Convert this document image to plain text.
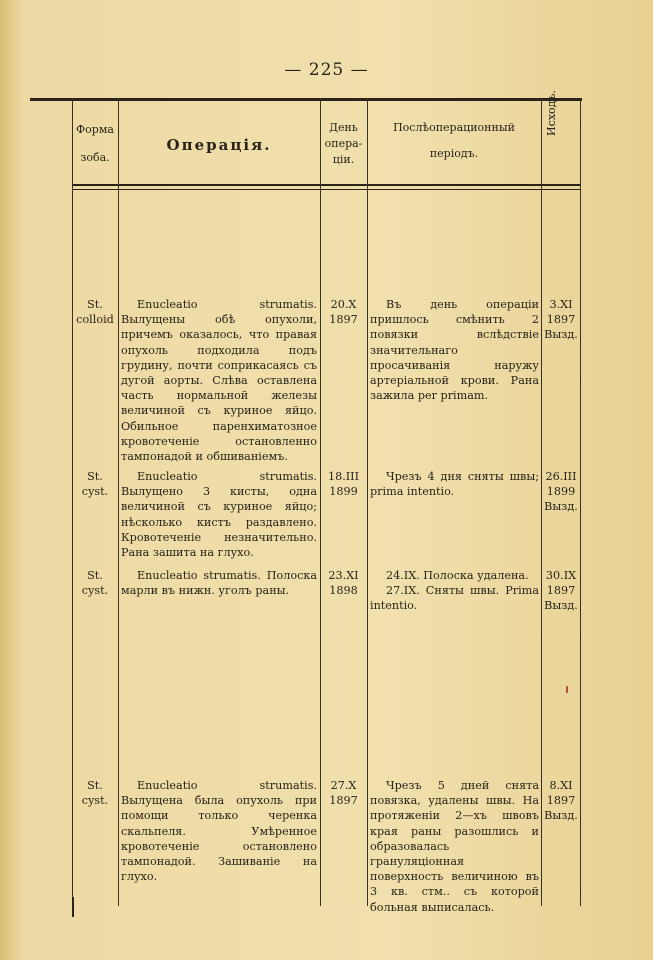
— 225 —
Форма
зоба.
Операція.
День
опера-
ціи.
Послѣоперационный
періодъ.
Исходъ.
St.
colloid
Enucleatio strumatis. Вылущены обѣ опухоли, причемъ оказалось, что правая опухоль подходила подъ грудину, почти соприкасаясь съ дугой аорты. Слѣва оставлена часть нормальной железы величиной съ куриное яйцо. Обильное паренхиматозное кровотеченіе остановленно тампонадой и обшиваніемъ.
20.X
1897
Въ день операціи пришлось смѣнить 2 повязки вслѣдствіе значительнаго просачиванія наружу артеріальной крови. Рана зажила per primam.
3.XI
1897
Вызд.
St.
cyst.
Enucleatio strumatis. Вылущено 3 кисты, одна величиной съ куриное яйцо; нѣсколько кистъ раздавлено. Кровотеченіе незначительно. Рана зашита на глухо.
18.III
1899
Чрезъ 4 дня сняты швы; prima intentio.
26.III
1899
Вызд.
St.
cyst.
Enucleatio strumatis. Полоска марли въ нижн. уголъ раны.
23.XI
1898
24.IX. Полоска удалена.
27.IX. Сняты швы. Prima intentio.
30.IX
1897
Вызд.
St.
cyst.
Enucleatio strumatis. Вылущена была опухоль при помощи только черенка скальпеля. Умѣренное кровотеченіе остановлено тампонадой. Зашиваніе на глухо.
27.X
1897
Чрезъ 5 дней снята повязка, удалены швы. На протяженіи 2—хъ швовъ края раны разошлись и образовалась грануляціонная поверхность величиною въ 3 кв. стм.. съ которой больная выписалась.
8.XI
1897
Вызд.
